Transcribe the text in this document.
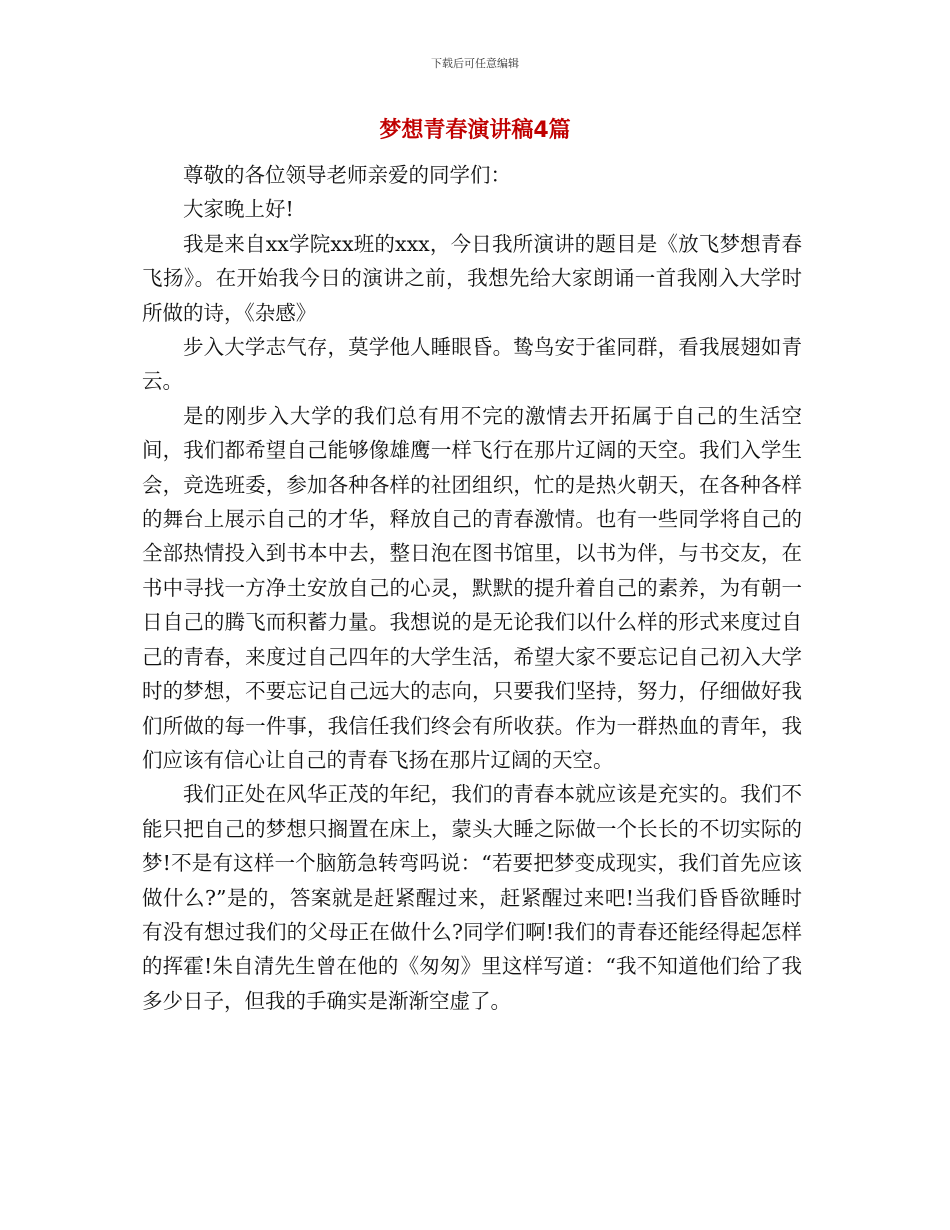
下载后可任意编辑
梦想青春演讲稿4篇

尊敬的各位领导老师亲爱的同学们：

大家晚上好!

我是来自xx学院xx班的xxx，今日我所演讲的题目是《放飞梦想青春飞扬》。在开始我今日的演讲之前，我想先给大家朗诵一首我刚入大学时所做的诗，《杂感》

步入大学志气存，莫学他人睡眼昏。鸷鸟安于雀同群，看我展翅如青云。

是的刚步入大学的我们总有用不完的激情去开拓属于自己的生活空间，我们都希望自己能够像雄鹰一样飞行在那片辽阔的天空。我们入学生会，竞选班委，参加各种各样的社团组织，忙的是热火朝天，在各种各样的舞台上展示自己的才华，释放自己的青春激情。也有一些同学将自己的全部热情投入到书本中去，整日泡在图书馆里，以书为伴，与书交友，在书中寻找一方净土安放自己的心灵，默默的提升着自己的素养，为有朝一日自己的腾飞而积蓄力量。我想说的是无论我们以什么样的形式来度过自己的青春，来度过自己四年的大学生活，希望大家不要忘记自己初入大学时的梦想，不要忘记自己远大的志向，只要我们坚持，努力，仔细做好我们所做的每一件事，我信任我们终会有所收获。作为一群热血的青年，我们应该有信心让自己的青春飞扬在那片辽阔的天空。

我们正处在风华正茂的年纪，我们的青春本就应该是充实的。我们不能只把自己的梦想只搁置在床上，蒙头大睡之际做一个长长的不切实际的梦!不是有这样一个脑筋急转弯吗说：“若要把梦变成现实，我们首先应该做什么?”是的，答案就是赶紧醒过来，赶紧醒过来吧!当我们昏昏欲睡时有没有想过我们的父母正在做什么?同学们啊!我们的青春还能经得起怎样的挥霍!朱自清先生曾在他的《匆匆》里这样写道：“我不知道他们给了我多少日子，但我的手确实是渐渐空虚了。
